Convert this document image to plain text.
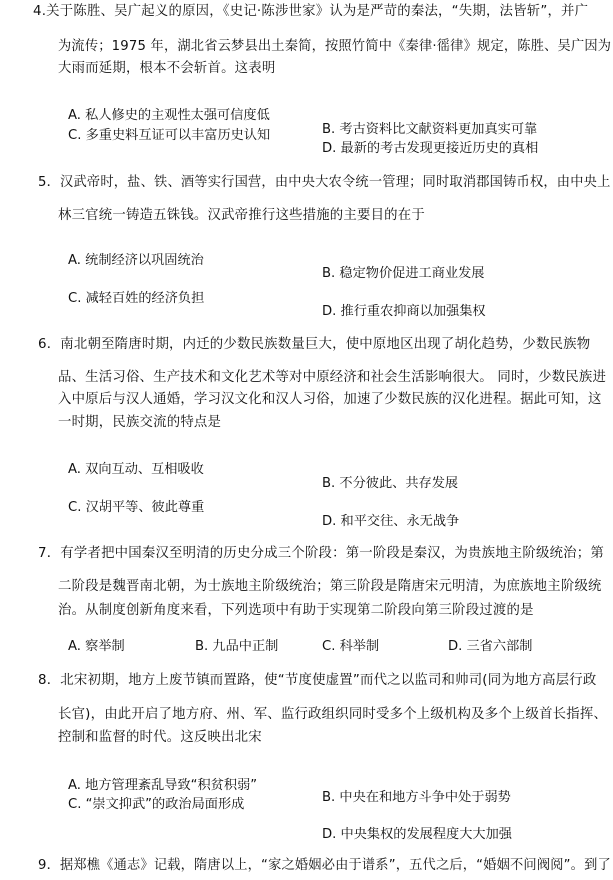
4.关于陈胜、吴广起义的原因，《史记·陈涉世家》认为是严苛的秦法，“失期，法皆斩”，并广
为流传；1975 年，湖北省云梦县出土秦简，按照竹简中《秦律·徭律》规定，陈胜、吴广因为
大雨而延期，根本不会斩首。这表明
A. 私人修史的主观性太强可信度低
B. 考古资料比文献资料更加真实可靠
C. 多重史料互证可以丰富历史认知
D. 最新的考古发现更接近历史的真相
5．汉武帝时，盐、铁、酒等实行国营，由中央大农令统一管理；同时取消郡国铸币权，由中央上
林三官统一铸造五铢钱。汉武帝推行这些措施的主要目的在于
A. 统制经济以巩固统治
B. 稳定物价促进工商业发展
C. 减轻百姓的经济负担
D. 推行重农抑商以加强集权
6．南北朝至隋唐时期，内迁的少数民族数量巨大，使中原地区出现了胡化趋势，少数民族物
品、生活习俗、生产技术和文化艺术等对中原经济和社会生活影响很大。 同时，少数民族进
入中原后与汉人通婚，学习汉文化和汉人习俗，加速了少数民族的汉化进程。据此可知，这
一时期，民族交流的特点是
A. 双向互动、互相吸收
B. 不分彼此、共存发展
C. 汉胡平等、彼此尊重
D. 和平交往、永无战争
7．有学者把中国秦汉至明清的历史分成三个阶段：第一阶段是秦汉，为贵族地主阶级统治；第
二阶段是魏晋南北朝，为士族地主阶级统治；第三阶段是隋唐宋元明清，为庶族地主阶级统
治。从制度创新角度来看，下列选项中有助于实现第二阶段向第三阶段过渡的是
A. 察举制	B. 九品中正制	C. 科举制	D. 三省六部制
8．北宋初期，地方上废节镇而置路，使“节度使虚置”而代之以监司和帅司(同为地方高层行政
长官)，由此开启了地方府、州、军、监行政组织同时受多个上级机构及多个上级首长指挥、
控制和监督的时代。这反映出北宋
A. 地方管理紊乱导致“积贫积弱”
B. 中央在和地方斗争中处于弱势
C. “崇文抑武”的政治局面形成
D. 中央集权的发展程度大大加强
9．据郑樵《通志》记载，隋唐以上，“家之婚姻必由于谱系”，五代之后，“婚姻不问阀阅”。到了
